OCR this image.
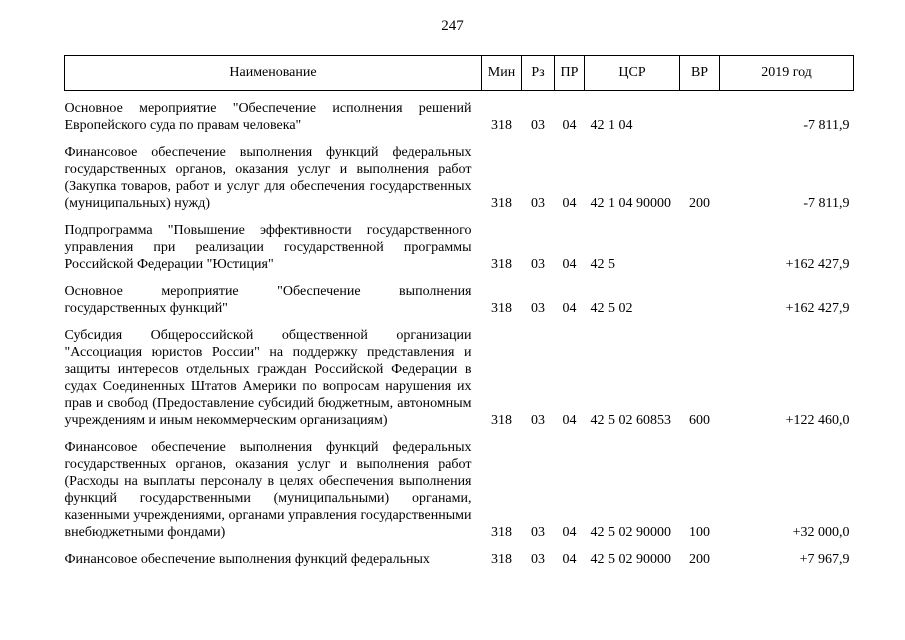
247
Наименование	Мин	Рз	ПР	ЦСР	ВР	2019 год

Основное мероприятие "Обеспечение исполнения решений Европейского суда по правам человека"	318	03	04	42 1 04		-7 811,9

Финансовое обеспечение выполнения функций федеральных государственных органов, оказания услуг и выполнения работ (Закупка товаров, работ и услуг для обеспечения государственных (муниципальных) нужд)	318	03	04	42 1 04 90000	200	-7 811,9

Подпрограмма "Повышение эффективности государственного управления при реализации государственной программы Российской Федерации "Юстиция"	318	03	04	42 5		+162 427,9

Основное мероприятие "Обеспечение выполнения государственных функций"	318	03	04	42 5 02		+162 427,9

Субсидия Общероссийской общественной организации "Ассоциация юристов России" на поддержку представления и защиты интересов отдельных граждан Российской Федерации в судах Соединенных Штатов Америки по вопросам нарушения их прав и свобод (Предоставление субсидий бюджетным, автономным учреждениям и иным некоммерческим организациям)	318	03	04	42 5 02 60853	600	+122 460,0

Финансовое обеспечение выполнения функций федеральных государственных органов, оказания услуг и выполнения работ (Расходы на выплаты персоналу в целях обеспечения выполнения функций государственными (муниципальными) органами, казенными учреждениями, органами управления государственными внебюджетными фондами)	318	03	04	42 5 02 90000	100	+32 000,0

Финансовое обеспечение выполнения функций федеральных	318	03	04	42 5 02 90000	200	+7 967,9
